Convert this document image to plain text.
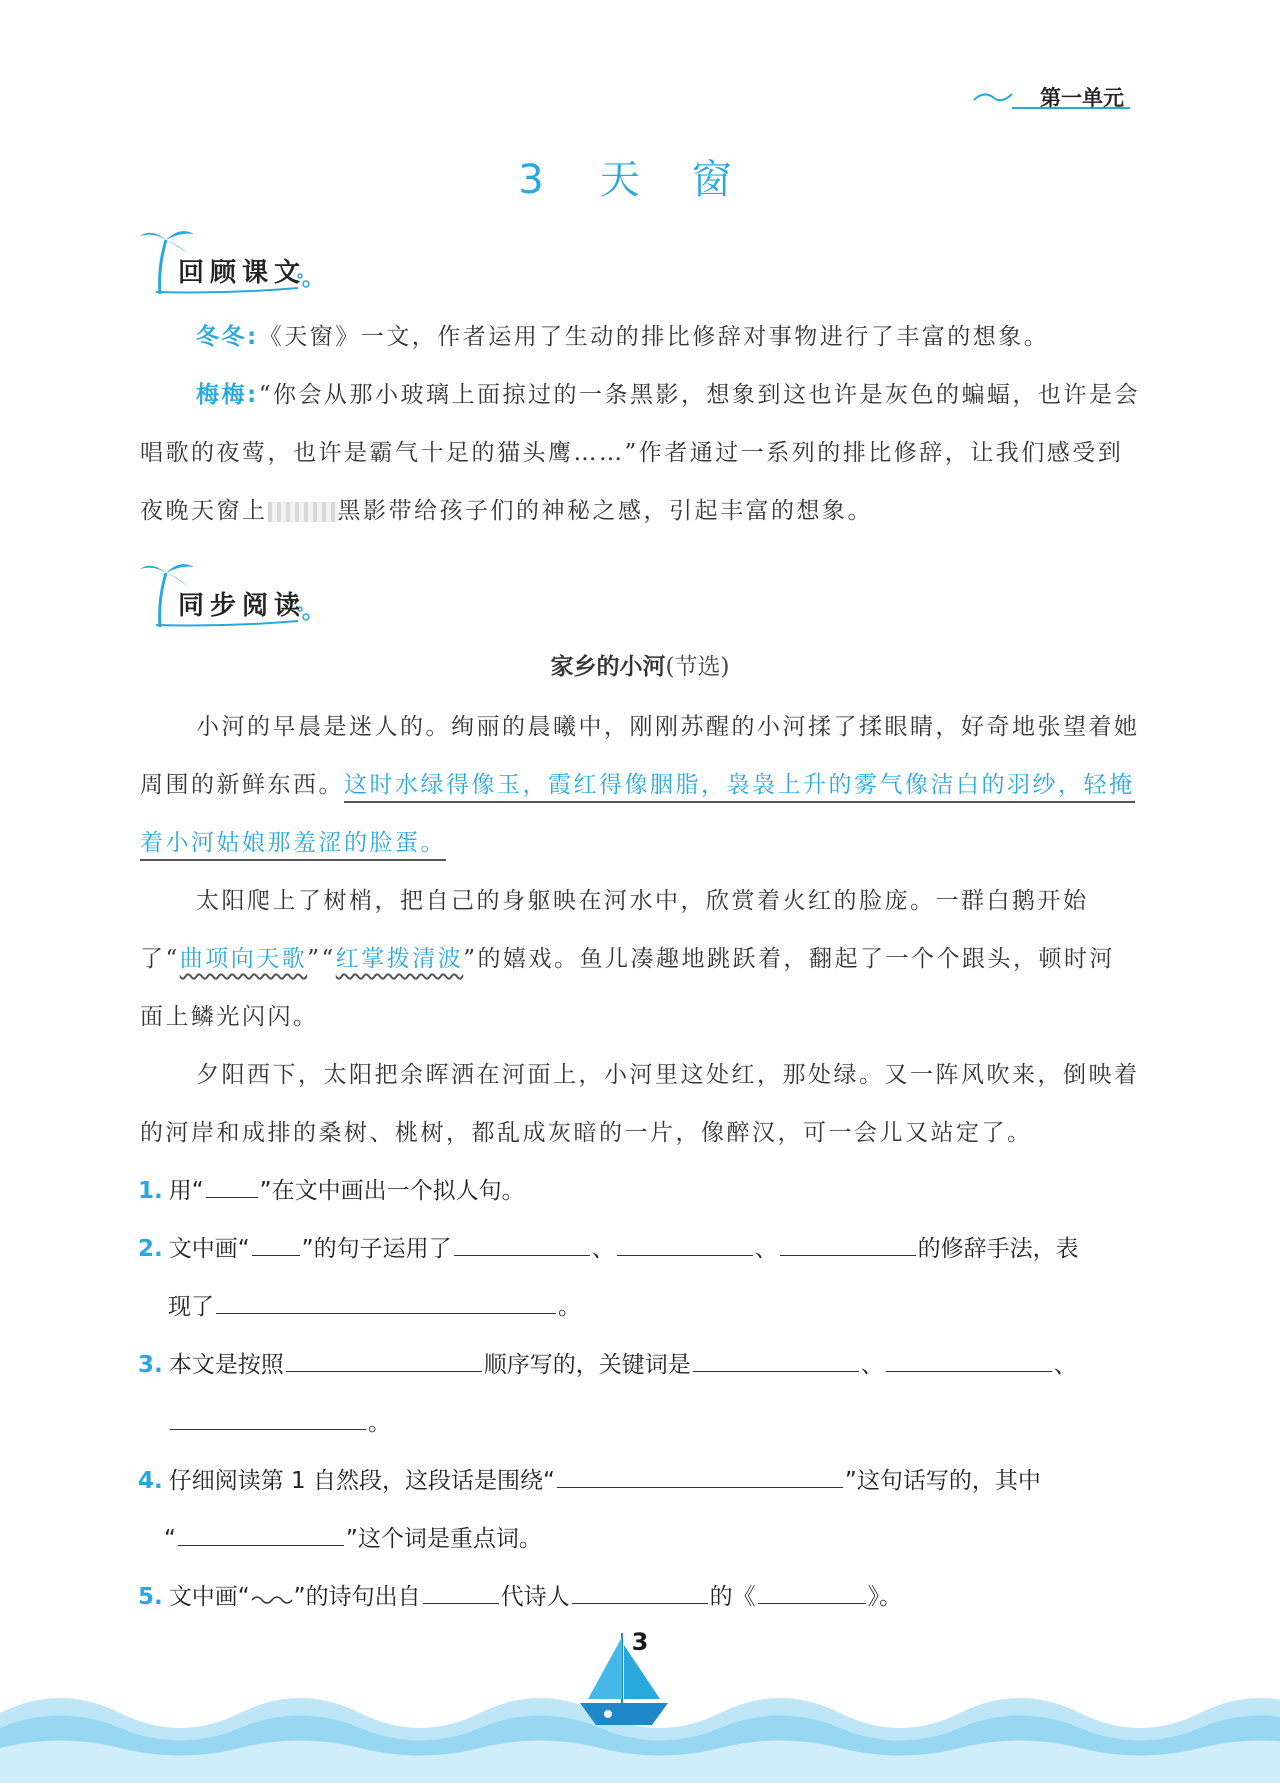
第一单元
3 天 窗
回顾课文
冬冬:《天窗》一文，作者运用了生动的排比修辞对事物进行了丰富的想象。
梅梅:“你会从那小玻璃上面掠过的一条黑影，想象到这也许是灰色的蝙蝠，也许是会唱歌的夜莺，也许是霸气十足的猫头鹰……”作者通过一系列的排比修辞，让我们感受到夜晚天窗上	黑影带给孩子们的神秘之感，引起丰富的想象。
同步阅读
家乡的小河(节选)
小河的早晨是迷人的。绚丽的晨曦中，刚刚苏醒的小河揉了揉眼睛，好奇地张望着她周围的新鲜东西。这时水绿得像玉，霞红得像胭脂，袅袅上升的雾气像洁白的羽纱，轻掩着小河姑娘那羞涩的脸蛋。
太阳爬上了树梢，把自己的身躯映在河水中，欣赏着火红的脸庞。一群白鹅开始了“曲项向天歌”“红掌拨清波”的嬉戏。鱼儿凑趣地跳跃着，翻起了一个个跟头，顿时河面上鳞光闪闪。
夕阳西下，太阳把余晖洒在河面上，小河里这处红，那处绿。又一阵风吹来，倒映着的河岸和成排的桑树、桃树，都乱成灰暗的一片，像醉汉，可一会儿又站定了。
1. 用“ ”在文中画出一个拟人句。
2. 文中画“ ”的句子运用了	、	、	的修辞手法，表
现了	。
3. 本文是按照	顺序写的，关键词是	、	、
。
4. 仔细阅读第 1 自然段，这段话是围绕“	”这句话写的，其中
“	”这个词是重点词。
5. 文中画“ ”的诗句出自	代诗人	的《	》。
3
